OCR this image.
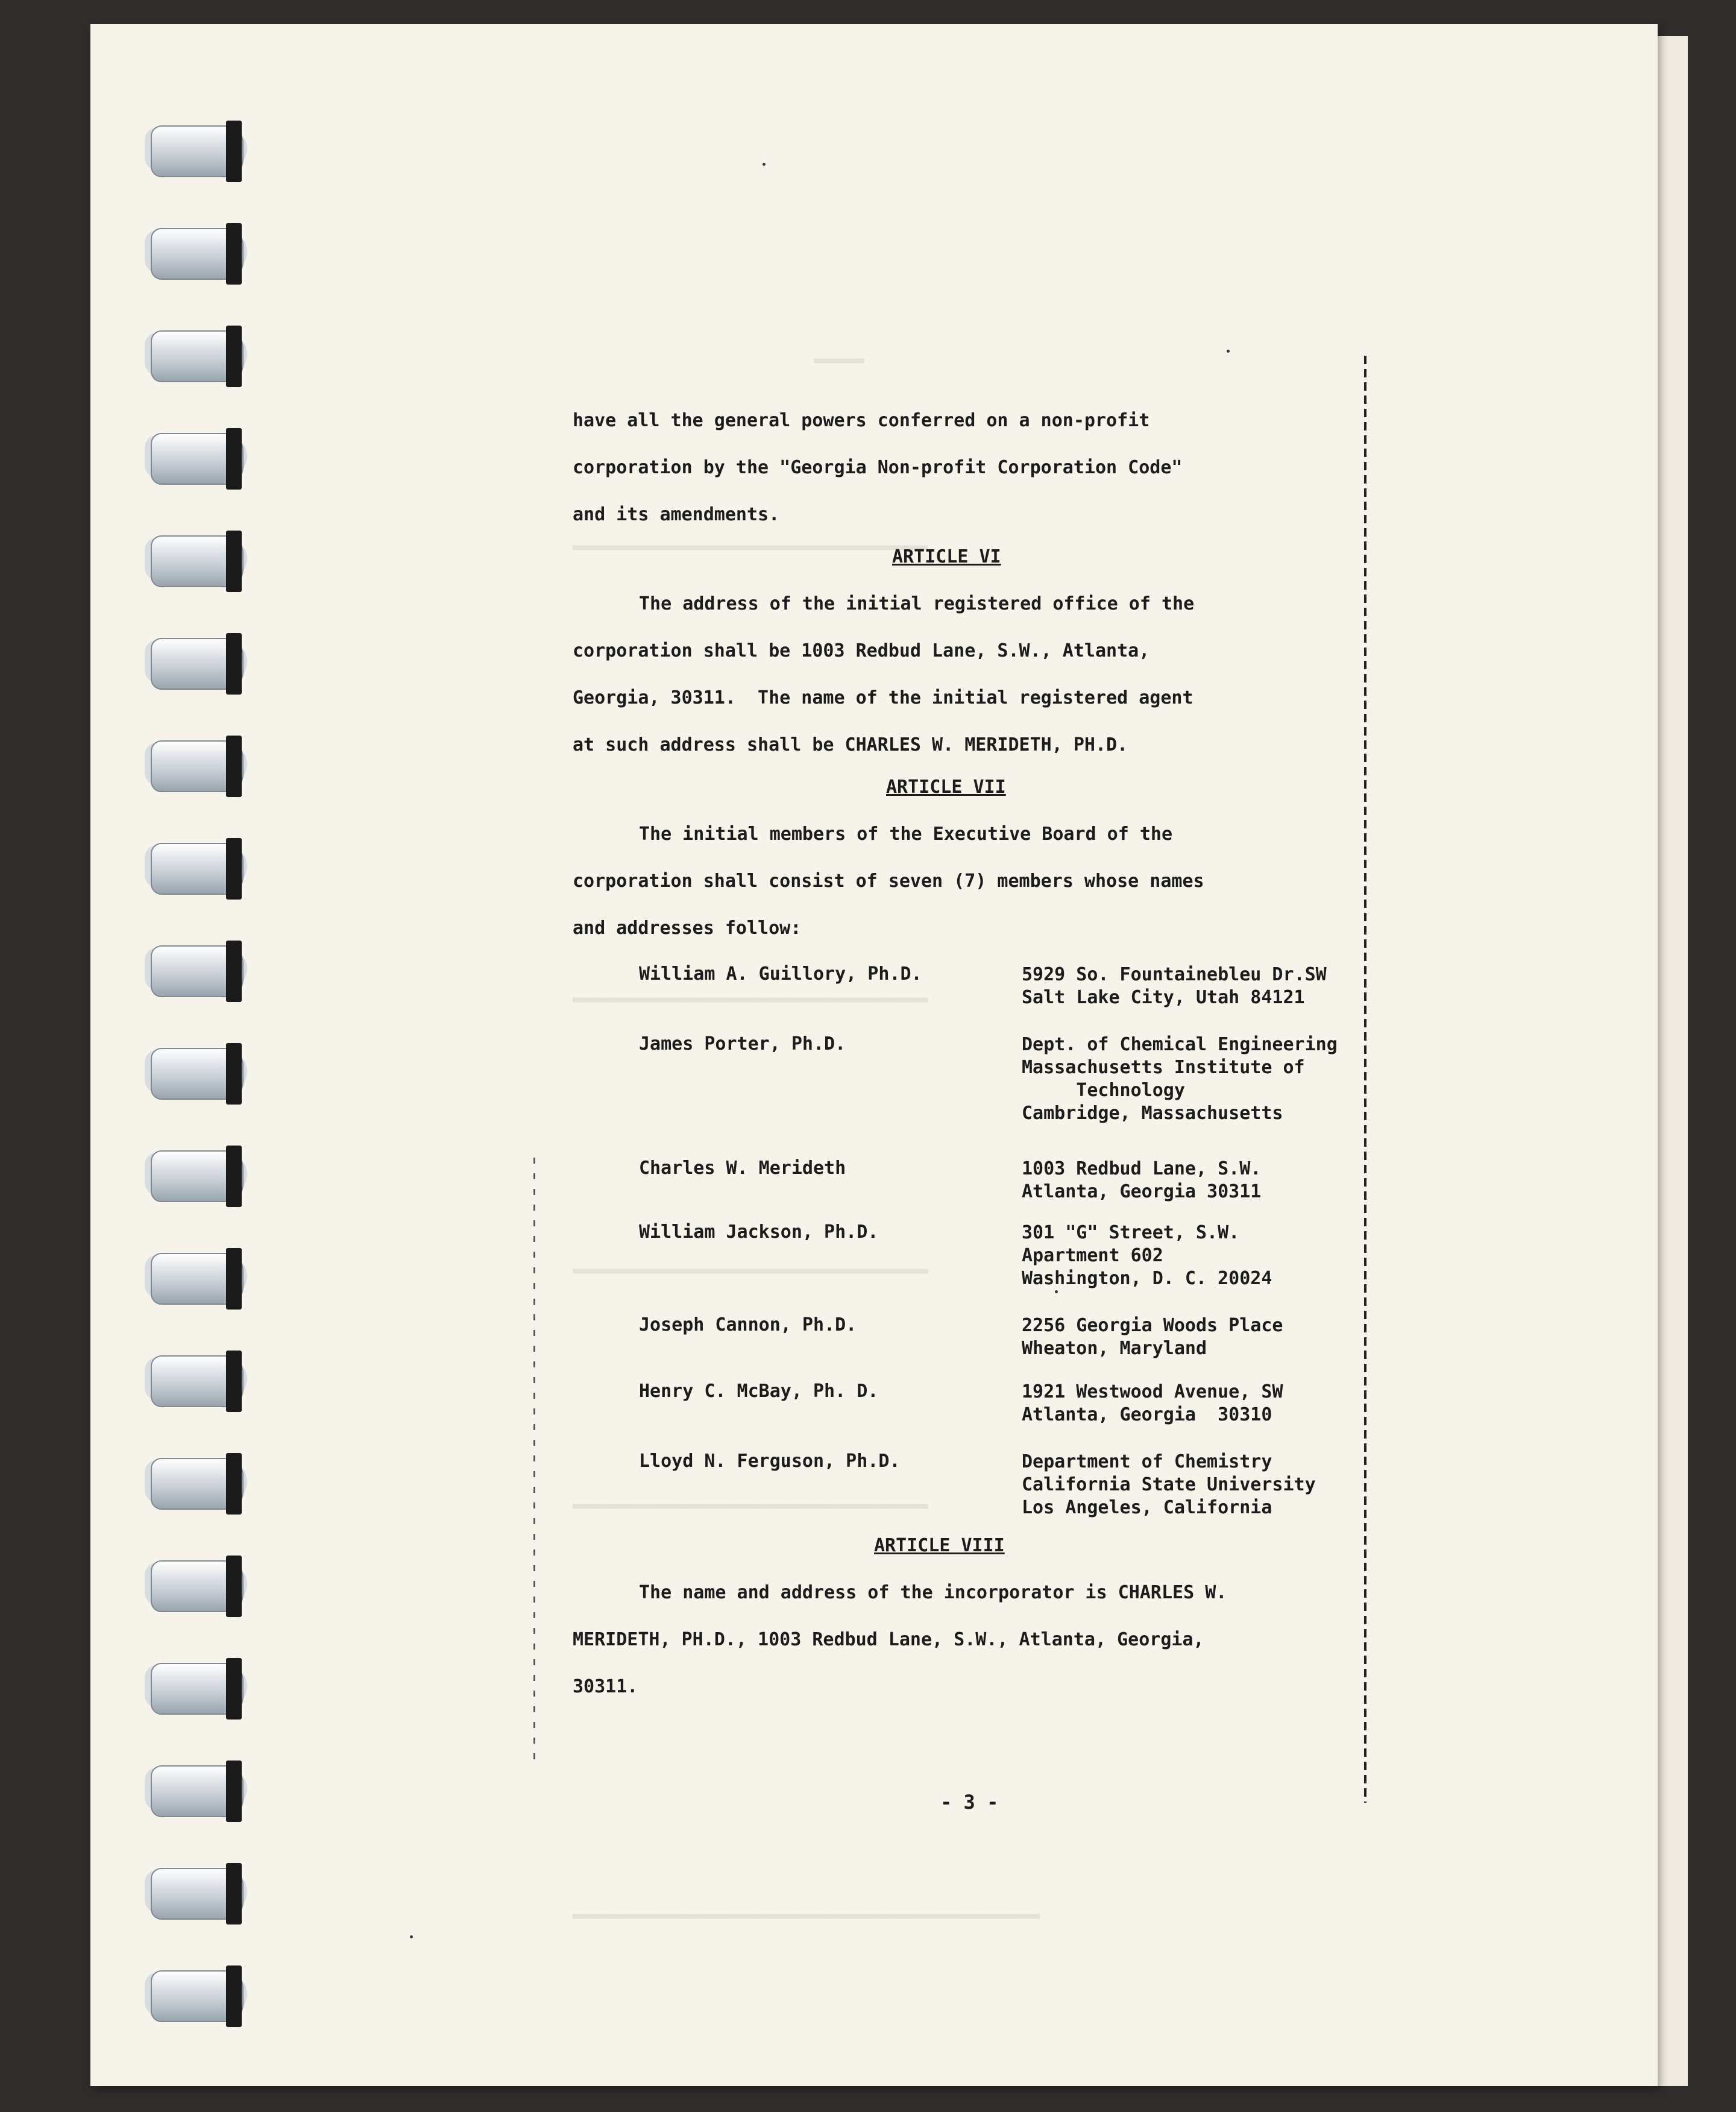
▬▬▬▬▬
▬▬▬▬▬▬▬▬▬▬▬▬▬▬▬▬▬▬▬▬▬▬▬▬▬▬▬▬▬▬▬▬▬▬▬
▬▬▬▬▬▬▬▬▬▬▬▬▬▬▬▬▬▬▬▬▬▬▬▬▬▬▬▬▬▬▬▬▬▬▬
▬▬▬▬▬▬▬▬▬▬▬▬▬▬▬▬▬▬▬▬▬▬▬▬▬▬▬▬▬▬▬▬▬▬▬
▬▬▬▬▬▬▬▬▬▬▬▬▬▬▬▬▬▬▬▬▬▬▬▬▬▬▬▬▬▬▬▬▬▬▬
▬▬▬▬▬▬▬▬▬▬▬▬▬▬▬▬▬▬▬▬▬▬▬▬▬▬▬▬▬▬▬▬▬▬▬▬▬▬▬▬▬▬▬▬▬▬
have all the general powers conferred on a non-profit
corporation by the "Georgia Non-profit Corporation Code"
and its amendments.
ARTICLE VI
The address of the initial registered office of the
corporation shall be 1003 Redbud Lane, S.W., Atlanta,
Georgia, 30311.  The name of the initial registered agent
at such address shall be CHARLES W. MERIDETH, PH.D.
ARTICLE VII
The initial members of the Executive Board of the
corporation shall consist of seven (7) members whose names
and addresses follow:
William A. Guillory, Ph.D.	5929 So. Fountainebleu Dr.SW
Salt Lake City, Utah 84121
James Porter, Ph.D.	Dept. of Chemical Engineering
Massachusetts Institute of
Technology
Cambridge, Massachusetts
Charles W. Merideth	1003 Redbud Lane, S.W.
Atlanta, Georgia 30311
William Jackson, Ph.D.	301 "G" Street, S.W.
Apartment 602
Washington, D. C. 20024
Joseph Cannon, Ph.D.	2256 Georgia Woods Place
Wheaton, Maryland
Henry C. McBay, Ph. D.	1921 Westwood Avenue, SW
Atlanta, Georgia  30310
Lloyd N. Ferguson, Ph.D.	Department of Chemistry
California State University
Los Angeles, California
ARTICLE VIII
The name and address of the incorporator is CHARLES W.
MERIDETH, PH.D., 1003 Redbud Lane, S.W., Atlanta, Georgia,
30311.
- 3 -
